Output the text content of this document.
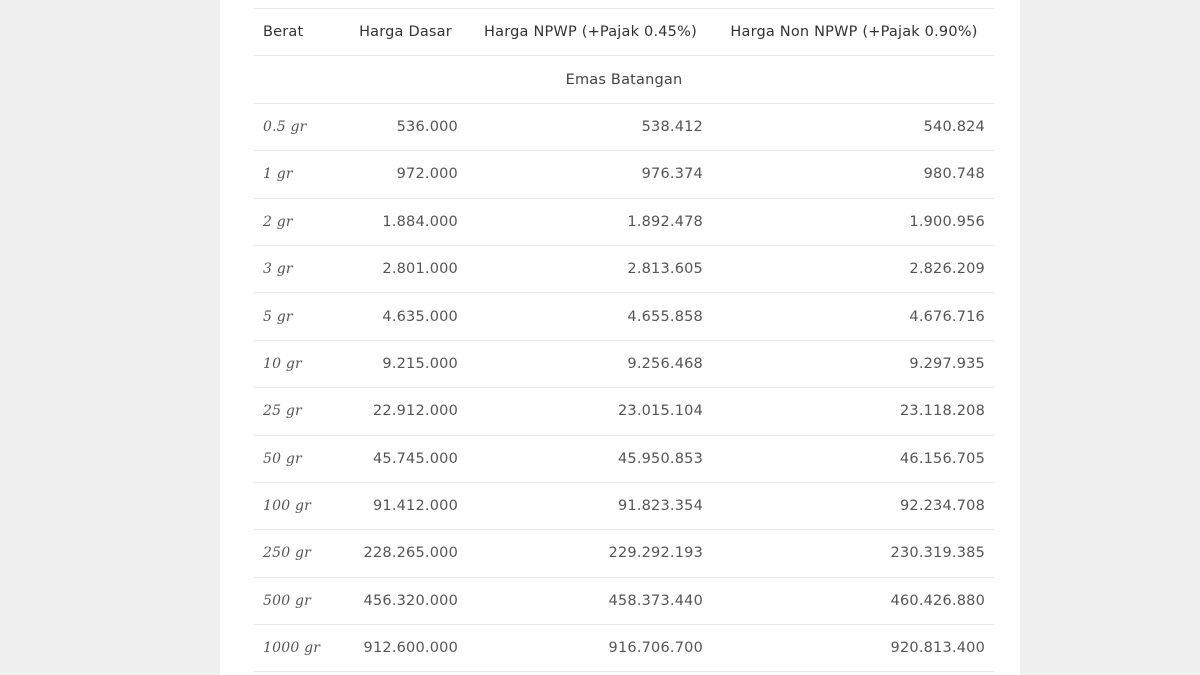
Berat	Harga Dasar	Harga NPWP (+Pajak 0.45%)	Harga Non NPWP (+Pajak 0.90%)
Emas Batangan			
0.5 gr	536.000	538.412	540.824
1 gr	972.000	976.374	980.748
2 gr	1.884.000	1.892.478	1.900.956
3 gr	2.801.000	2.813.605	2.826.209
5 gr	4.635.000	4.655.858	4.676.716
10 gr	9.215.000	9.256.468	9.297.935
25 gr	22.912.000	23.015.104	23.118.208
50 gr	45.745.000	45.950.853	46.156.705
100 gr	91.412.000	91.823.354	92.234.708
250 gr	228.265.000	229.292.193	230.319.385
500 gr	456.320.000	458.373.440	460.426.880
1000 gr	912.600.000	916.706.700	920.813.400
